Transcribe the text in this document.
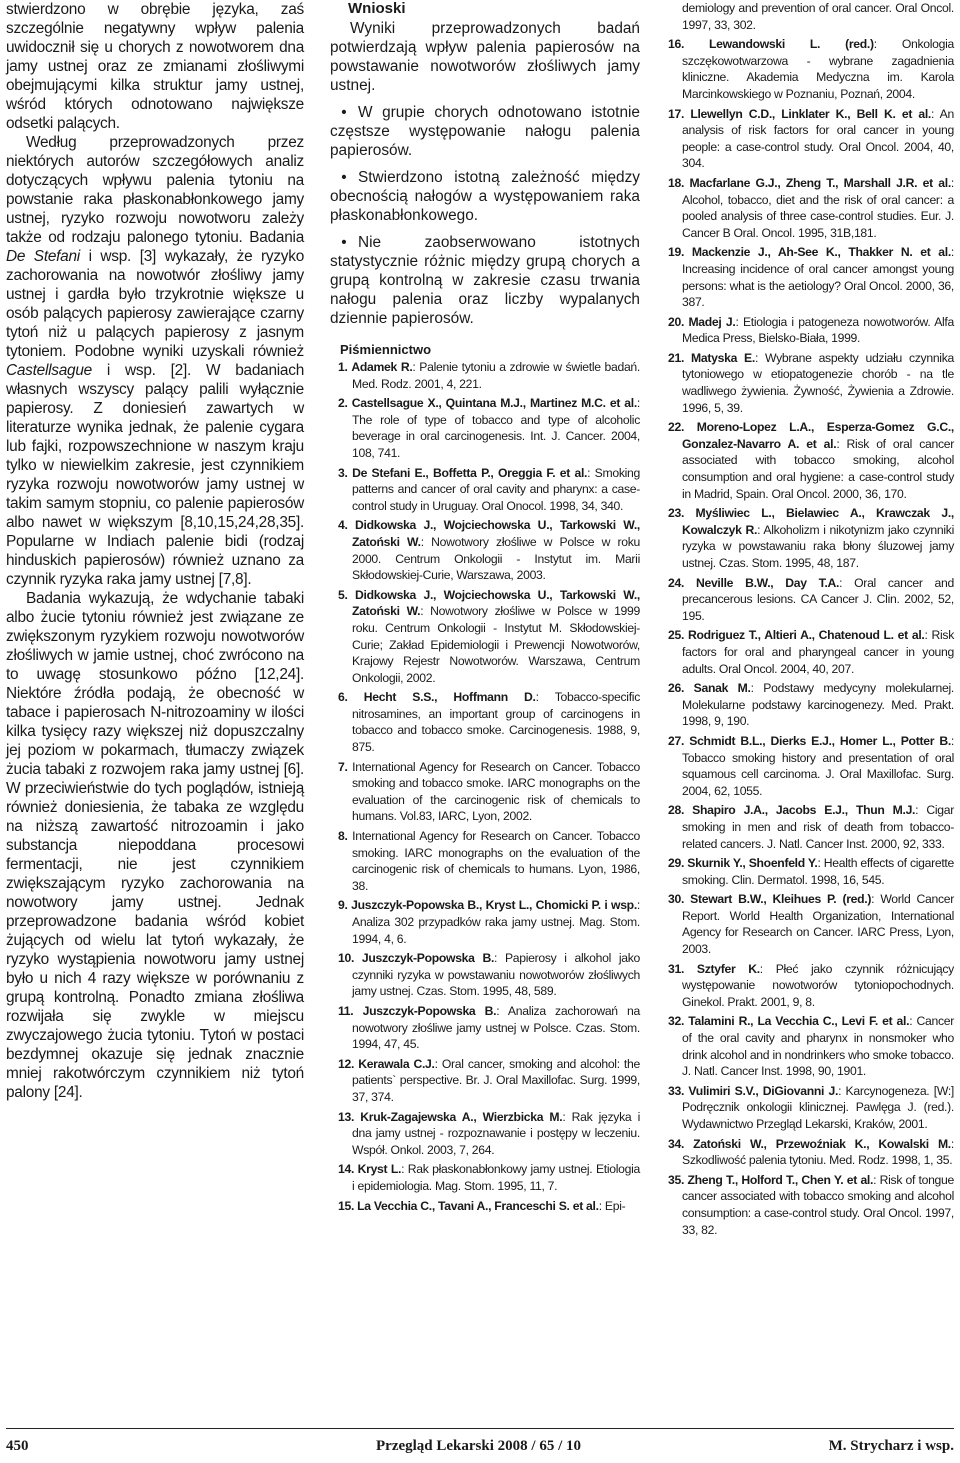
stwierdzono w obrębie języka, zaś szczególnie negatywny wpływ palenia uwidocznił się u chorych z nowotworem dna jamy ustnej oraz ze zmianami złośliwymi obejmującymi kilka struktur jamy ustnej, wśród których odnotowano największe odsetki palących.

Według przeprowadzonych przez niektórych autorów szczegółowych analiz dotyczących wpływu palenia tytoniu na powstanie raka płaskonabłonkowego jamy ustnej, ryzyko rozwoju nowotworu zależy także od rodzaju palonego tytoniu. Badania De Stefani i wsp. [3] wykazały, że ryzyko zachorowania na nowotwór złośliwy jamy ustnej i gardła było trzykrotnie większe u osób palących papierosy zawierające czarny tytoń niż u palących papierosy z jasnym tytoniem. Podobne wyniki uzyskali również Castellsague i wsp. [2]. W badaniach własnych wszyscy palący palili wyłącznie papierosy. Z doniesień zawartych w literaturze wynika jednak, że palenie cygara lub fajki, rozpowszechnione w naszym kraju tylko w niewielkim zakresie, jest czynnikiem ryzyka rozwoju nowotworów jamy ustnej w takim samym stopniu, co palenie papierosów albo nawet w większym [8,10,15,24,28,35]. Popularne w Indiach palenie bidi (rodzaj hinduskich papierosów) również uznano za czynnik ryzyka raka jamy ustnej [7,8].

Badania wykazują, że wdychanie tabaki albo żucie tytoniu również jest związane ze zwiększonym ryzykiem rozwoju nowotworów złośliwych w jamie ustnej, choć zwrócono na to uwagę stosunkowo późno [12,24]. Niektóre źródła podają, że obecność w tabace i papierosach N-nitrozoaminy w ilości kilka tysięcy razy większej niż dopuszczalny jej poziom w pokarmach, tłumaczy związek żucia tabaki z rozwojem raka jamy ustnej [6]. W przeciwieństwie do tych poglądów, istnieją również doniesienia, że tabaka ze względu na niższą zawartość nitrozoamin i jako substancja niepoddana procesowi fermentacji, nie jest czynnikiem zwiększającym ryzyko zachorowania na nowotwory jamy ustnej. Jednak przeprowadzone badania wśród kobiet żujących od wielu lat tytoń wykazały, że ryzyko wystąpienia nowotworu jamy ustnej było u nich 4 razy większe w porównaniu z grupą kontrolną. Ponadto zmiana złośliwa rozwijała się zwykle w miejscu zwyczajowego żucia tytoniu. Tytoń w postaci bezdymnej okazuje się jednak znacznie mniej rakotwórczym czynnikiem niż tytoń palony [24].

Wnioski

Wyniki przeprowadzonych badań potwierdzają wpływ palenia papierosów na powstawanie nowotworów złośliwych jamy ustnej.

• W grupie chorych odnotowano istotnie częstsze występowanie nałogu palenia papierosów.
• Stwierdzono istotną zależność między obecnością nałogów a występowaniem raka płaskonabłonkowego.
• Nie zaobserwowano istotnych statystycznie różnic między grupą chorych a grupą kontrolną w zakresie czasu trwania nałogu palenia oraz liczby wypalanych dziennie papierosów.

Piśmiennictwo

1. Adamek R.: Palenie tytoniu a zdrowie w świetle badań. Med. Rodz. 2001, 4, 221.

2. Castellsague X., Quintana M.J., Martinez M.C. et al.: The role of type of tobacco and type of alcoholic beverage in oral carcinogenesis. Int. J. Cancer. 2004, 108, 741.

3. De Stefani E., Boffetta P., Oreggia F. et al.: Smoking patterns and cancer of oral cavity and pharynx: a case-control study in Uruguay. Oral Onocol. 1998, 34, 340.

4. Didkowska J., Wojciechowska U., Tarkowski W., Zatoński W.: Nowotwory złośliwe w Polsce w roku 2000. Centrum Onkologii - Instytut im. Marii Skłodowskiej-Curie, Warszawa, 2003.

5. Didkowska J., Wojciechowska U., Tarkowski W., Zatoński W.: Nowotwory złośliwe w Polsce w 1999 roku. Centrum Onkologii - Instytut M. Skłodowskiej-Curie; Zakład Epidemiologii i Prewencji Nowotworów, Krajowy Rejestr Nowotworów. Warszawa, Centrum Onkologii, 2002.

6. Hecht S.S., Hoffmann D.: Tobacco-specific nitrosamines, an important group of carcinogens in tobacco and tobacco smoke. Carcinogenesis. 1988, 9, 875.

7. International Agency for Research on Cancer. Tobacco smoking and tobacco smoke. IARC monographs on the evaluation of the carcinogenic risk of chemicals to humans. Vol.83, IARC, Lyon, 2002.

8. International Agency for Research on Cancer. Tobacco smoking. IARC monographs on the evaluation of the carcinogenic risk of chemicals to humans. Lyon, 1986, 38.

9. Juszczyk-Popowska B., Kryst L., Chomicki P. i wsp.: Analiza 302 przypadków raka jamy ustnej. Mag. Stom. 1994, 4, 6.

10. Juszczyk-Popowska B.: Papierosy i alkohol jako czynniki ryzyka w powstawaniu nowotworów złośliwych jamy ustnej. Czas. Stom. 1995, 48, 589.

11. Juszczyk-Popowska B.: Analiza zachorowań na nowotwory złośliwe jamy ustnej w Polsce. Czas. Stom. 1994, 47, 45.

12. Kerawala C.J.: Oral cancer, smoking and alcohol: the patients` perspective. Br. J. Oral Maxillofac. Surg. 1999, 37, 374.

13. Kruk-Zagajewska A., Wierzbicka M.: Rak języka i dna jamy ustnej - rozpoznawanie i postępy w leczeniu. Współ. Onkol. 2003, 7, 264.

14. Kryst L.: Rak płaskonabłonkowy jamy ustnej. Etiologia i epidemiologia. Mag. Stom. 1995, 11, 7.

15. La Vecchia C., Tavani A., Franceschi S. et al.: Epi-

demiology and prevention of oral cancer. Oral Oncol. 1997, 33, 302.

16. Lewandowski L. (red.): Onkologia szczękowotwarzowa - wybrane zagadnienia kliniczne. Akademia Medyczna im. Karola Marcinkowskiego w Poznaniu, Poznań, 2004.

17. Llewellyn C.D., Linklater K., Bell K. et al.: An analysis of risk factors for oral cancer in young people: a case-control study. Oral Oncol. 2004, 40, 304.

18. Macfarlane G.J., Zheng T., Marshall J.R. et al.: Alcohol, tobacco, diet and the risk of oral cancer: a pooled analysis of three case-control studies. Eur. J. Cancer B Oral. Oncol. 1995, 31B,181.

19. Mackenzie J., Ah-See K., Thakker N. et al.: Increasing incidence of oral cancer amongst young persons: what is the aetiology? Oral Oncol. 2000, 36, 387.

20. Madej J.: Etiologia i patogeneza nowotworów. Alfa Medica Press, Bielsko-Biała, 1999.

21. Matyska E.: Wybrane aspekty udziału czynnika tytoniowego w etiopatogenezie chorób - na tle wadliwego żywienia. Żywność, Żywienia a Zdrowie. 1996, 5, 39.

22. Moreno-Lopez L.A., Esperza-Gomez G.C., Gonzalez-Navarro A. et al.: Risk of oral cancer associated with tobacco smoking, alcohol consumption and oral hygiene: a case-control study in Madrid, Spain. Oral Oncol. 2000, 36, 170.

23. Myśliwiec L., Bielawiec A., Krawczak J., Kowalczyk R.: Alkoholizm i nikotynizm jako czynniki ryzyka w powstawaniu raka błony śluzowej jamy ustnej. Czas. Stom. 1995, 48, 187.

24. Neville B.W., Day T.A.: Oral cancer and precancerous lesions. CA Cancer J. Clin. 2002, 52, 195.

25. Rodriguez T., Altieri A., Chatenoud L. et al.: Risk factors for oral and pharyngeal cancer in young adults. Oral Oncol. 2004, 40, 207.

26. Sanak M.: Podstawy medycyny molekularnej. Molekularne podstawy karcinogenezy. Med. Prakt. 1998, 9, 190.

27. Schmidt B.L., Dierks E.J., Homer L., Potter B.: Tobacco smoking history and presentation of oral squamous cell carcinoma. J. Oral Maxillofac. Surg. 2004, 62, 1055.

28. Shapiro J.A., Jacobs E.J., Thun M.J.: Cigar smoking in men and risk of death from tobacco-related cancers. J. Natl. Cancer Inst. 2000, 92, 333.

29. Skurnik Y., Shoenfeld Y.: Health effects of cigarette smoking. Clin. Dermatol. 1998, 16, 545.

30. Stewart B.W., Kleihues P. (red.): World Cancer Report. World Health Organization, International Agency for Research on Cancer. IARC Press, Lyon, 2003.

31. Sztyfer K.: Płeć jako czynnik różnicujący występowanie nowotworów tytoniopochodnych. Ginekol. Prakt. 2001, 9, 8.

32. Talamini R., La Vecchia C., Levi F. et al.: Cancer of the oral cavity and pharynx in nonsmoker who drink alcohol and in nondrinkers who smoke tobacco. J. Natl. Cancer Inst. 1998, 90, 1901.

33. Vulimiri S.V., DiGiovanni J.: Karcynogeneza. [W:] Podręcznik onkologii klinicznej. Pawlęga J. (red.). Wydawnictwo Przegląd Lekarski, Kraków, 2001.

34. Zatoński W., Przewoźniak K., Kowalski M.: Szkodliwość palenia tytoniu. Med. Rodz. 1998, 1, 35.

35. Zheng T., Holford T., Chen Y. et al.: Risk of tongue cancer associated with tobacco smoking and alcohol consumption: a case-control study. Oral Oncol. 1997, 33, 82.

450	Przegląd Lekarski 2008 / 65 / 10	M. Strycharz i wsp.
